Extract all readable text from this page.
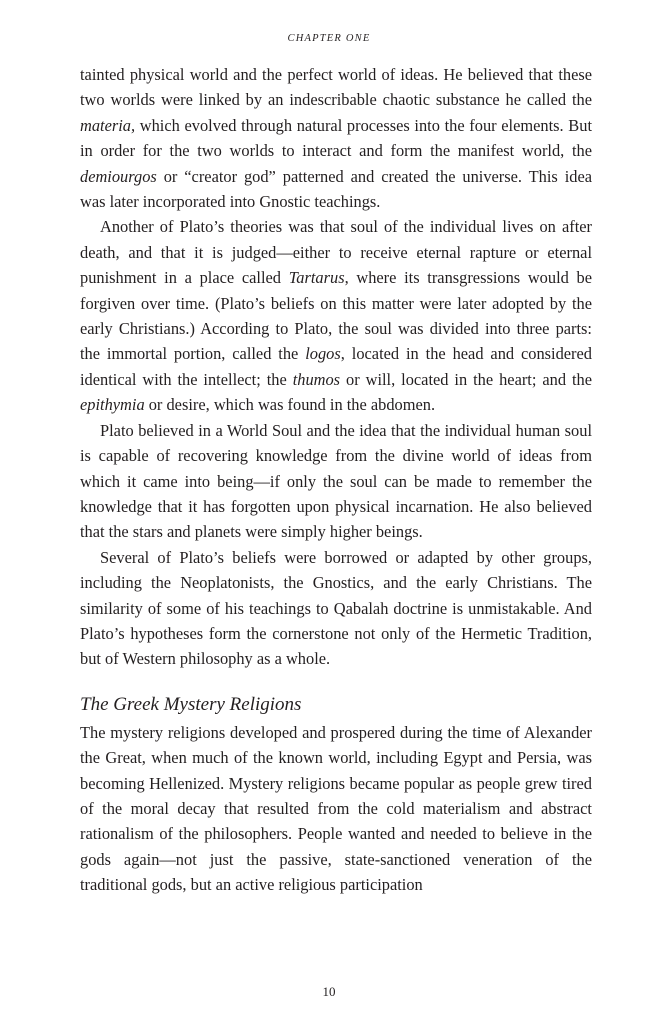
CHAPTER ONE

tainted physical world and the perfect world of ideas. He believed that these two worlds were linked by an indescribable chaotic substance he called the materia, which evolved through natural processes into the four elements. But in order for the two worlds to interact and form the manifest world, the demiourgos or “creator god” patterned and created the universe. This idea was later incorporated into Gnostic teachings.

Another of Plato’s theories was that soul of the individual lives on after death, and that it is judged—either to receive eternal rapture or eternal punishment in a place called Tartarus, where its transgressions would be forgiven over time. (Plato’s beliefs on this matter were later adopted by the early Christians.) According to Plato, the soul was divided into three parts: the immortal portion, called the logos, located in the head and considered identical with the intellect; the thumos or will, located in the heart; and the epithymia or desire, which was found in the abdomen.

Plato believed in a World Soul and the idea that the individual human soul is capable of recovering knowledge from the divine world of ideas from which it came into being—if only the soul can be made to remember the knowledge that it has forgotten upon physical incarnation. He also believed that the stars and planets were simply higher beings.

Several of Plato’s beliefs were borrowed or adapted by other groups, including the Neoplatonists, the Gnostics, and the early Christians. The similarity of some of his teachings to Qabalah doctrine is unmistakable. And Plato’s hypotheses form the cornerstone not only of the Hermetic Tradition, but of Western philosophy as a whole.

The Greek Mystery Religions

The mystery religions developed and prospered during the time of Alexander the Great, when much of the known world, including Egypt and Persia, was becoming Hellenized. Mystery religions became popular as people grew tired of the moral decay that resulted from the cold materialism and abstract rationalism of the philosophers. People wanted and needed to believe in the gods again—not just the passive, state-sanctioned veneration of the traditional gods, but an active religious participation

10
